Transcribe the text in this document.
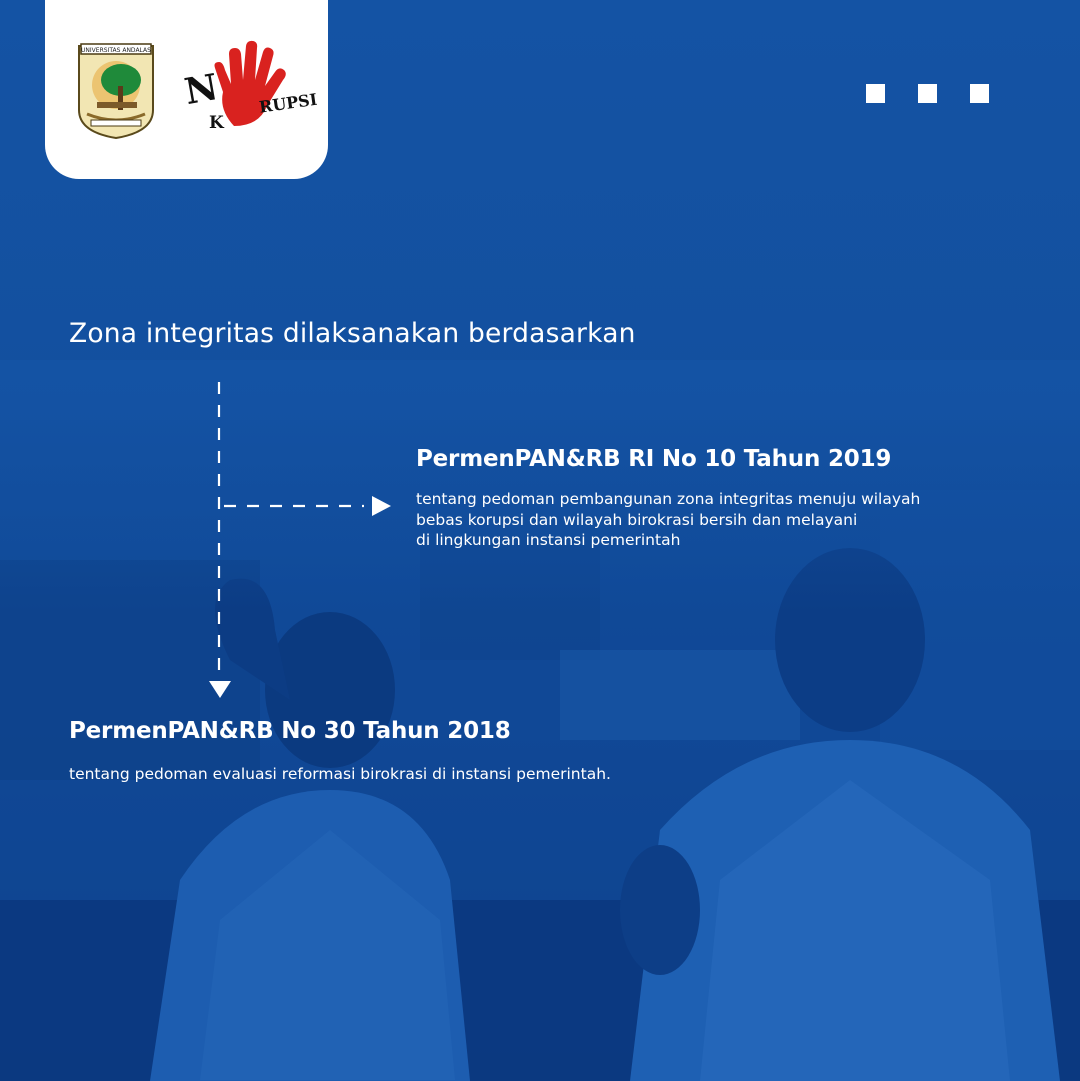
UNIVERSITAS ANDALAS
N
K
RUPSI
Zona integritas dilaksanakan berdasarkan
PermenPAN&RB RI No 10 Tahun 2019
tentang pedoman pembangunan zona integritas menuju wilayah
bebas korupsi dan wilayah birokrasi bersih dan melayani
di lingkungan instansi pemerintah
PermenPAN&RB No 30 Tahun 2018
tentang pedoman evaluasi reformasi birokrasi di instansi pemerintah.
